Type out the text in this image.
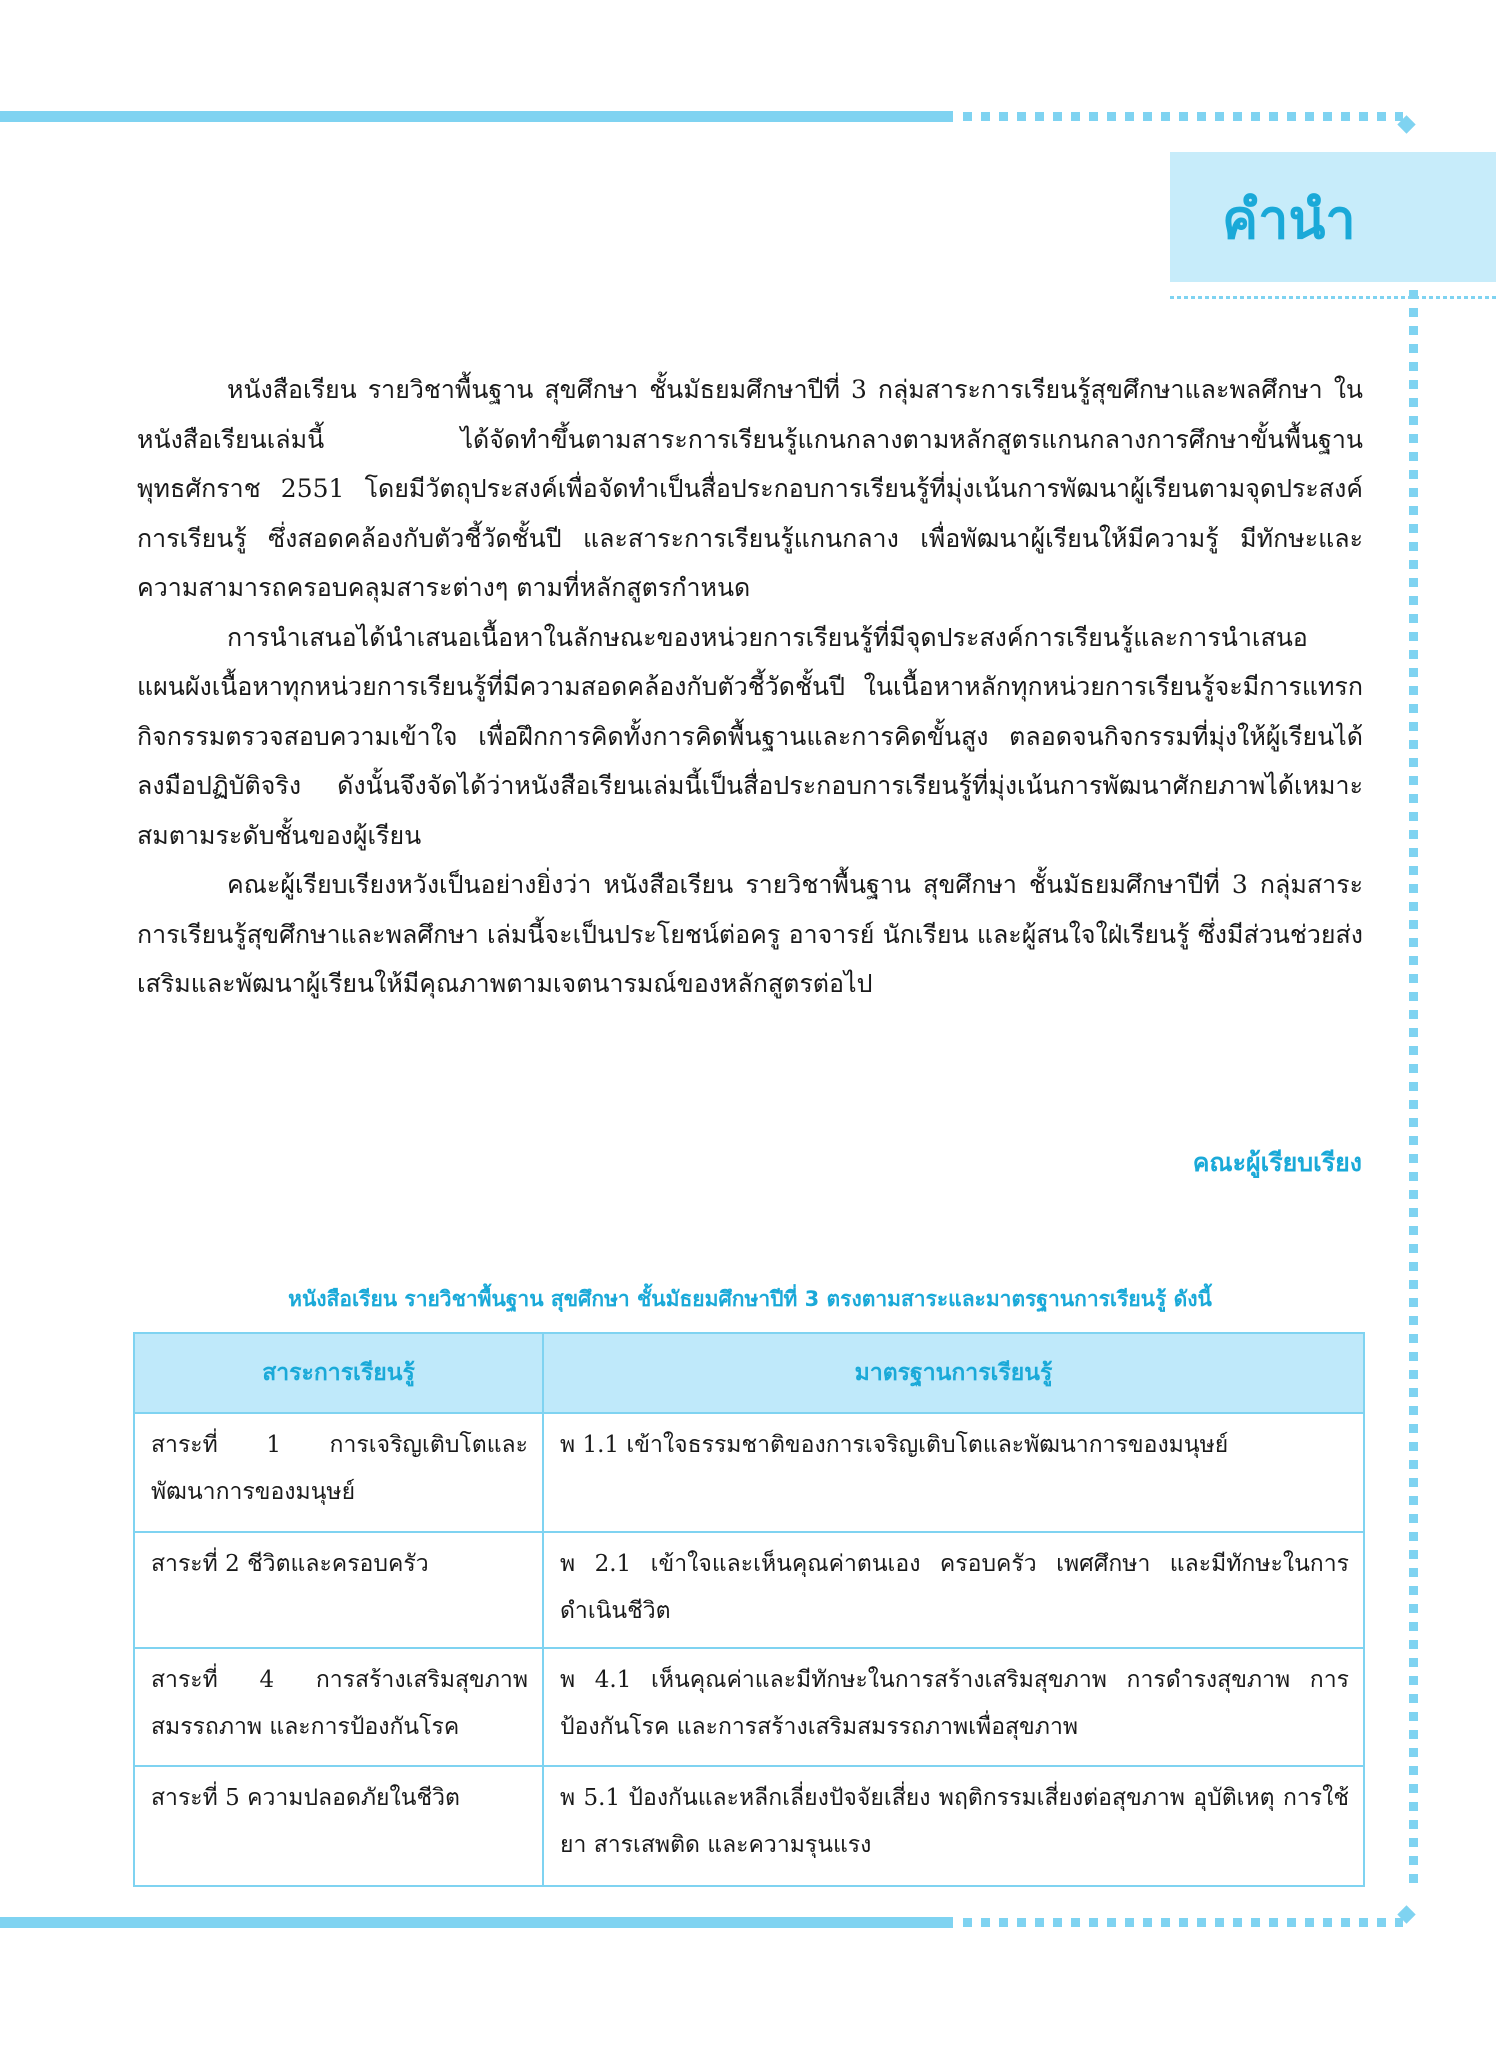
คำนำ

หนังสือเรียน รายวิชาพื้นฐาน สุขศึกษา ชั้นมัธยมศึกษาปีที่ 3 กลุ่มสาระการเรียนรู้สุขศึกษาและพลศึกษา ในหนังสือเรียนเล่มนี้ ได้จัดทำขึ้นตามสาระการเรียนรู้แกนกลางตามหลักสูตรแกนกลางการศึกษาขั้นพื้นฐาน พุทธศักราช 2551 โดยมีวัตถุประสงค์เพื่อจัดทำเป็นสื่อประกอบการเรียนรู้ที่มุ่งเน้นการพัฒนาผู้เรียนตามจุดประสงค์การเรียนรู้ ซึ่งสอดคล้องกับตัวชี้วัดชั้นปี และสาระการเรียนรู้แกนกลาง เพื่อพัฒนาผู้เรียนให้มีความรู้ มีทักษะและความสามารถครอบคลุมสาระต่างๆ ตามที่หลักสูตรกำหนด

การนำเสนอได้นำเสนอเนื้อหาในลักษณะของหน่วยการเรียนรู้ที่มีจุดประสงค์การเรียนรู้และการนำเสนอแผนผังเนื้อหาทุกหน่วยการเรียนรู้ที่มีความสอดคล้องกับตัวชี้วัดชั้นปี ในเนื้อหาหลักทุกหน่วยการเรียนรู้จะมีการแทรกกิจกรรมตรวจสอบความเข้าใจ เพื่อฝึกการคิดทั้งการคิดพื้นฐานและการคิดขั้นสูง ตลอดจนกิจกรรมที่มุ่งให้ผู้เรียนได้ลงมือปฏิบัติจริง ดังนั้นจึงจัดได้ว่าหนังสือเรียนเล่มนี้เป็นสื่อประกอบการเรียนรู้ที่มุ่งเน้นการพัฒนาศักยภาพได้เหมาะสมตามระดับชั้นของผู้เรียน

คณะผู้เรียบเรียงหวังเป็นอย่างยิ่งว่า หนังสือเรียน รายวิชาพื้นฐาน สุขศึกษา ชั้นมัธยมศึกษาปีที่ 3 กลุ่มสาระการเรียนรู้สุขศึกษาและพลศึกษา เล่มนี้จะเป็นประโยชน์ต่อครู อาจารย์ นักเรียน และผู้สนใจใฝ่เรียนรู้ ซึ่งมีส่วนช่วยส่งเสริมและพัฒนาผู้เรียนให้มีคุณภาพตามเจตนารมณ์ของหลักสูตรต่อไป

คณะผู้เรียบเรียง
หนังสือเรียน รายวิชาพื้นฐาน สุขศึกษา ชั้นมัธยมศึกษาปีที่ 3 ตรงตามสาระและมาตรฐานการเรียนรู้ ดังนี้
สาระการเรียนรู้	มาตรฐานการเรียนรู้
สาระที่ 1 การเจริญเติบโตและพัฒนาการของมนุษย์	พ 1.1 เข้าใจธรรมชาติของการเจริญเติบโตและพัฒนาการของมนุษย์
สาระที่ 2 ชีวิตและครอบครัว	พ 2.1 เข้าใจและเห็นคุณค่าตนเอง ครอบครัว เพศศึกษา และมีทักษะในการดำเนินชีวิต
สาระที่ 4 การสร้างเสริมสุขภาพ สมรรถภาพ และการป้องกันโรค	พ 4.1 เห็นคุณค่าและมีทักษะในการสร้างเสริมสุขภาพ การดำรงสุขภาพ การป้องกันโรค และการสร้างเสริมสมรรถภาพเพื่อสุขภาพ
สาระที่ 5 ความปลอดภัยในชีวิต	พ 5.1 ป้องกันและหลีกเลี่ยงปัจจัยเสี่ยง พฤติกรรมเสี่ยงต่อสุขภาพ อุบัติเหตุ การใช้ยา สารเสพติด และความรุนแรง
